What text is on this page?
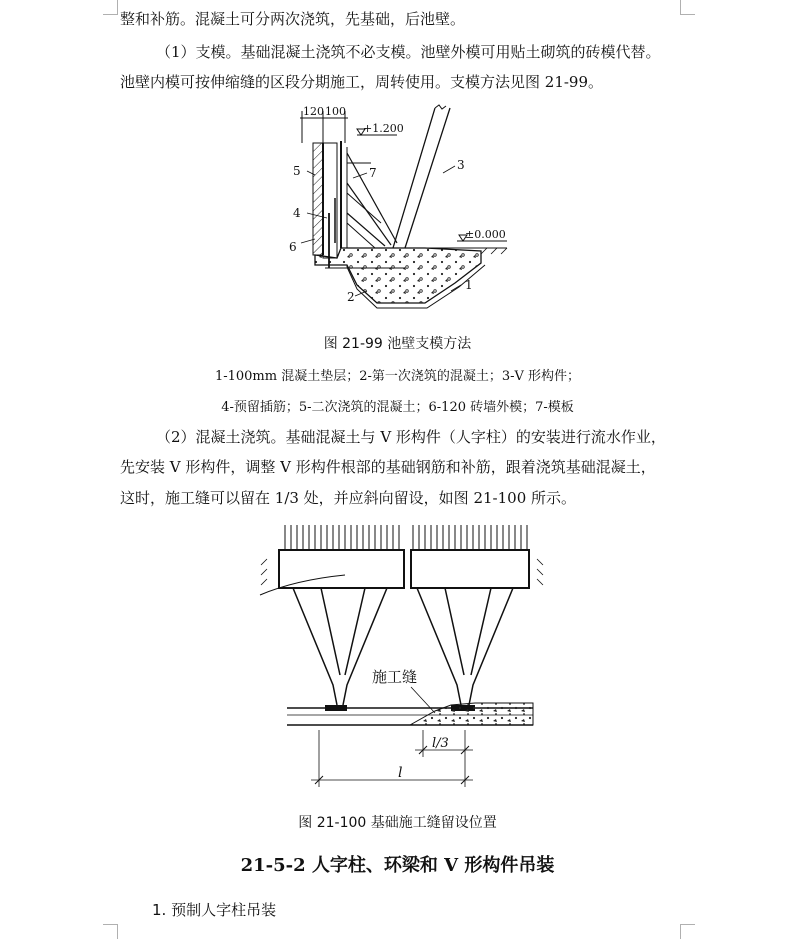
整和补筋。混凝土可分两次浇筑，先基础，后池壁。
（1）支模。基础混凝土浇筑不必支模。池壁外模可用贴土砌筑的砖模代替。
池壁内模可按伸缩缝的区段分期施工，周转使用。支模方法见图 21-99。
120 100
+1.200
±0.000
5
4
6
7
3
2
1
图 21-99 池壁支模方法
1-100mm 混凝土垫层；2-第一次浇筑的混凝土；3-V 形构件；
4-预留插筋；5-二次浇筑的混凝土；6-120 砖墙外模；7-模板
（2）混凝土浇筑。基础混凝土与 V 形构件（人字柱）的安装进行流水作业，
先安装 V 形构件，调整 V 形构件根部的基础钢筋和补筋，跟着浇筑基础混凝土，
这时，施工缝可以留在 1/3 处，并应斜向留设，如图 21-100 所示。
施工缝
l/3
l
图 21-100 基础施工缝留设位置
21-5-2 人字柱、环梁和 V 形构件吊装
1. 预制人字柱吊装
